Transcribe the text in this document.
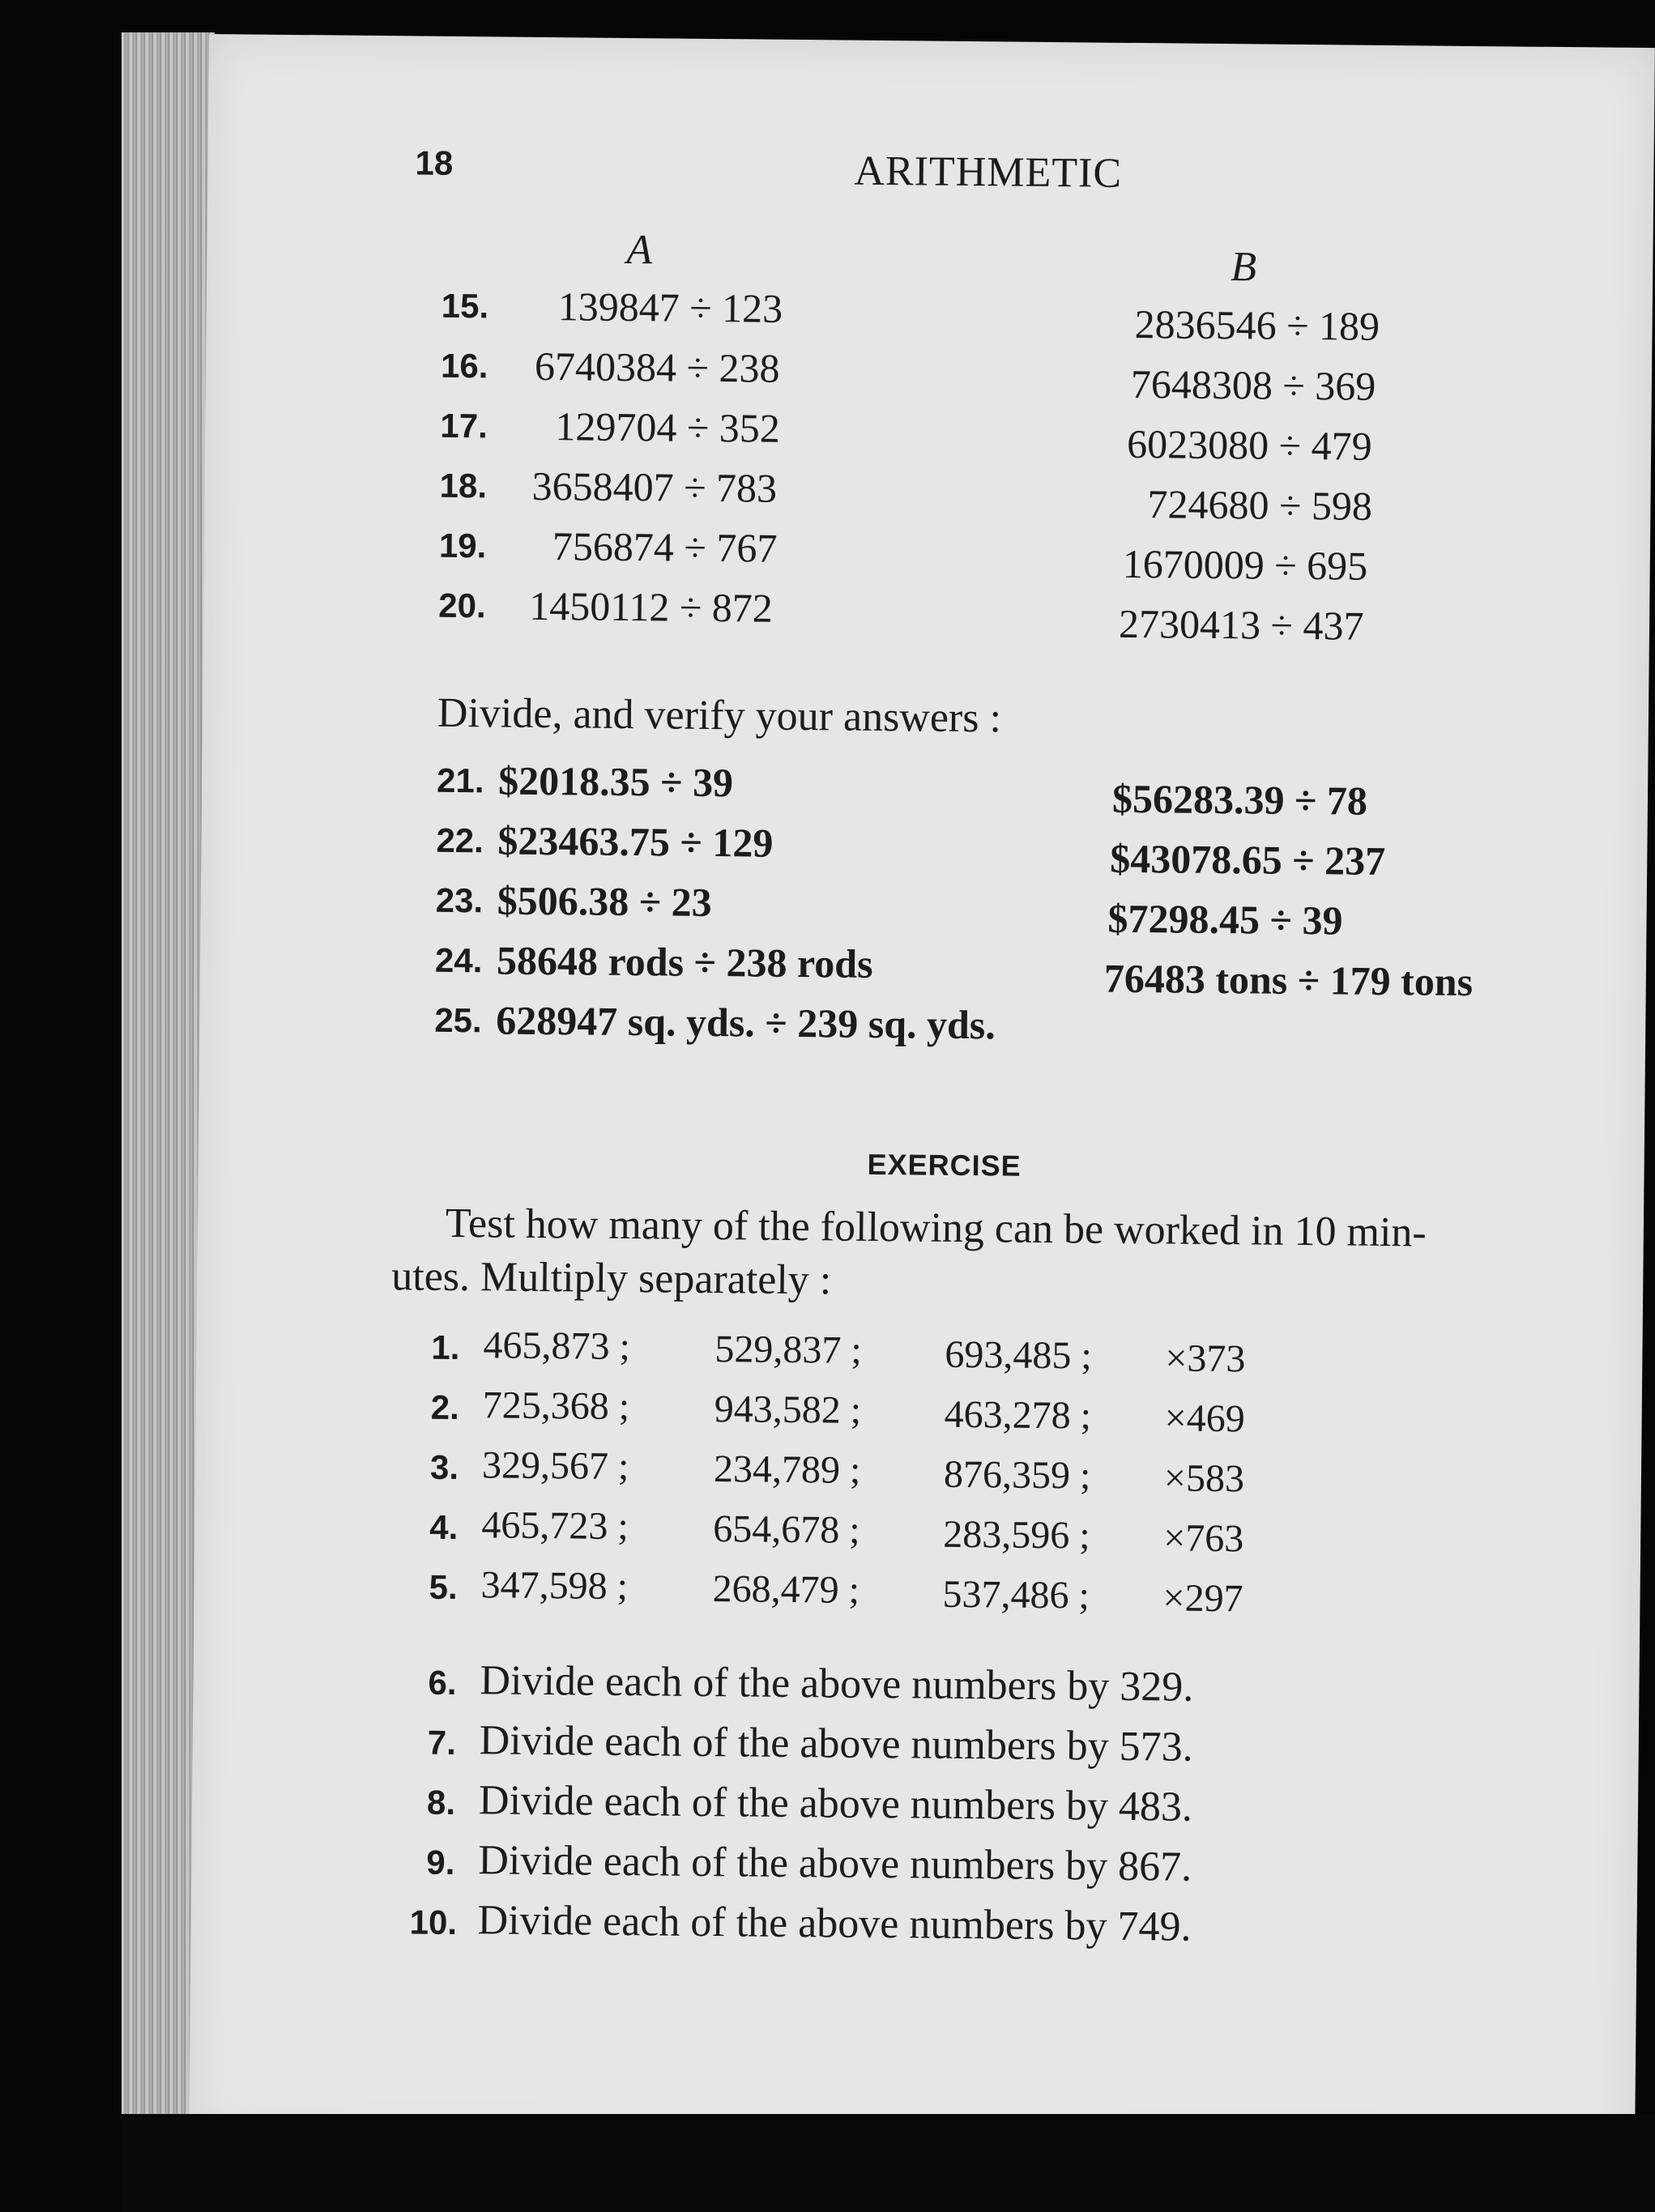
18	ARITHMETIC
A	B
15. 139847 ÷ 123	2836546 ÷ 189
16. 6740384 ÷ 238	7648308 ÷ 369
17. 129704 ÷ 352	6023080 ÷ 479
18. 3658407 ÷ 783	724680 ÷ 598
19. 756874 ÷ 767	1670009 ÷ 695
20. 1450112 ÷ 872	2730413 ÷ 437
Divide, and verify your answers :
21. $2018.35 ÷ 39	$56283.39 ÷ 78
22. $23463.75 ÷ 129	$43078.65 ÷ 237
23. $506.38 ÷ 23	$7298.45 ÷ 39
24. 58648 rods ÷ 238 rods	76483 tons ÷ 179 tons
25. 628947 sq. yds. ÷ 239 sq. yds.
EXERCISE
Test how many of the following can be worked in 10 min-
utes. Multiply separately :
1. 465,873 ; 529,837 ; 693,485 ; ×373
2. 725,368 ; 943,582 ; 463,278 ; ×469
3. 329,567 ; 234,789 ; 876,359 ; ×583
4. 465,723 ; 654,678 ; 283,596 ; ×763
5. 347,598 ; 268,479 ; 537,486 ; ×297
6. Divide each of the above numbers by 329.
7. Divide each of the above numbers by 573.
8. Divide each of the above numbers by 483.
9. Divide each of the above numbers by 867.
10. Divide each of the above numbers by 749.
